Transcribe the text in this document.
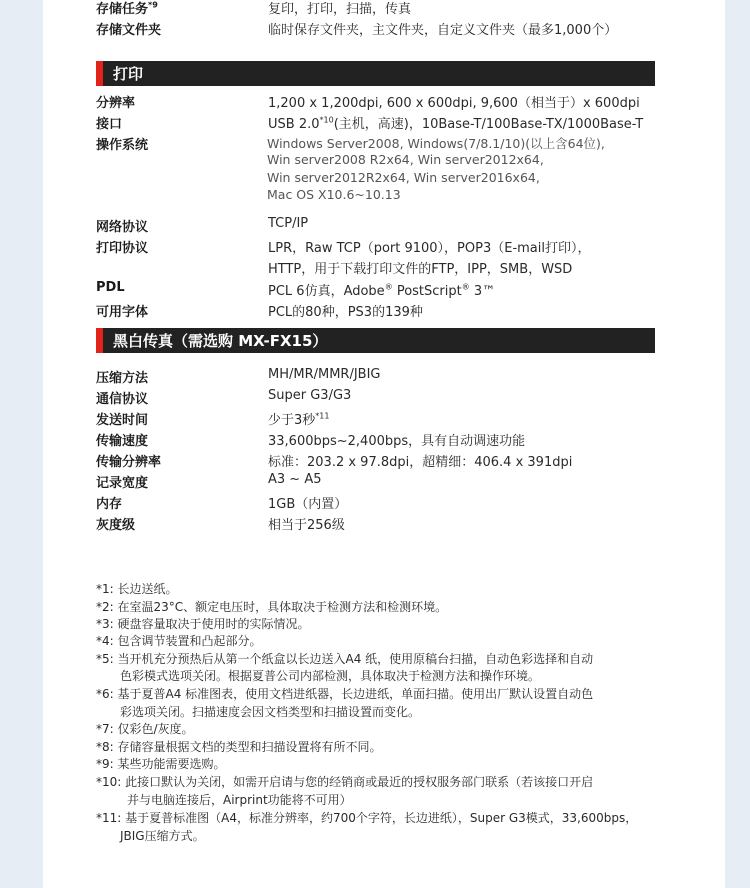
存储任务$^{*9}$	复印，打印，扫描，传真
存储文件夹	临时保存文件夹，主文件夹，自定义文件夹（最多1,000个）
打印
分辨率	1,200 x 1,200dpi, 600 x 600dpi, 9,600（相当于）x 600dpi
接口	USB 2.0$^{*10}$(主机，高速)，10Base-T/100Base-TX/1000Base-T
操作系统	Windows Server2008, Windows(7/8.1/10)(以上含64位),
Win server2008 R2x64, Win server2012x64,
Win server2012R2x64, Win server2016x64,
Mac OS X10.6~10.13
网络协议	TCP/IP
打印协议	LPR，Raw TCP（port 9100），POP3（E-mail打印），
HTTP，用于下载打印文件的FTP，IPP，SMB，WSD
PDL	PCL 6仿真，Adobe® PostScript® 3™
可用字体	PCL的80种，PS3的139种
黑白传真（需选购 MX-FX15）
压缩方法	MH/MR/MMR/JBIG
通信协议	Super G3/G3
发送时间	少于3秒$^{*11}$
传输速度	33,600bps~2,400bps，具有自动调速功能
传输分辨率	标准：203.2 x 97.8dpi，超精细：406.4 x 391dpi
记录宽度	A3 ~ A5
内存	1GB（内置）
灰度级	相当于256级
*1: 长边送纸。
*2: 在室温23°C、额定电压时，具体取决于检测方法和检测环境。
*3: 硬盘容量取决于使用时的实际情况。
*4: 包含调节装置和凸起部分。
*5: 当开机充分预热后从第一个纸盒以长边送入A4 纸，使用原稿台扫描，自动色彩选择和自动
色彩模式选项关闭。根据夏普公司内部检测，具体取决于检测方法和操作环境。
*6: 基于夏普A4 标准图表，使用文档进纸器，长边进纸，单面扫描。使用出厂默认设置自动色
彩选项关闭。扫描速度会因文档类型和扫描设置而变化。
*7: 仅彩色/灰度。
*8: 存储容量根据文档的类型和扫描设置将有所不同。
*9: 某些功能需要选购。
*10: 此接口默认为关闭，如需开启请与您的经销商或最近的授权服务部门联系（若该接口开启
并与电脑连接后，Airprint功能将不可用）
*11: 基于夏普标准图（A4，标准分辨率，约700个字符，长边进纸），Super G3模式，33,600bps，
JBIG压缩方式。
